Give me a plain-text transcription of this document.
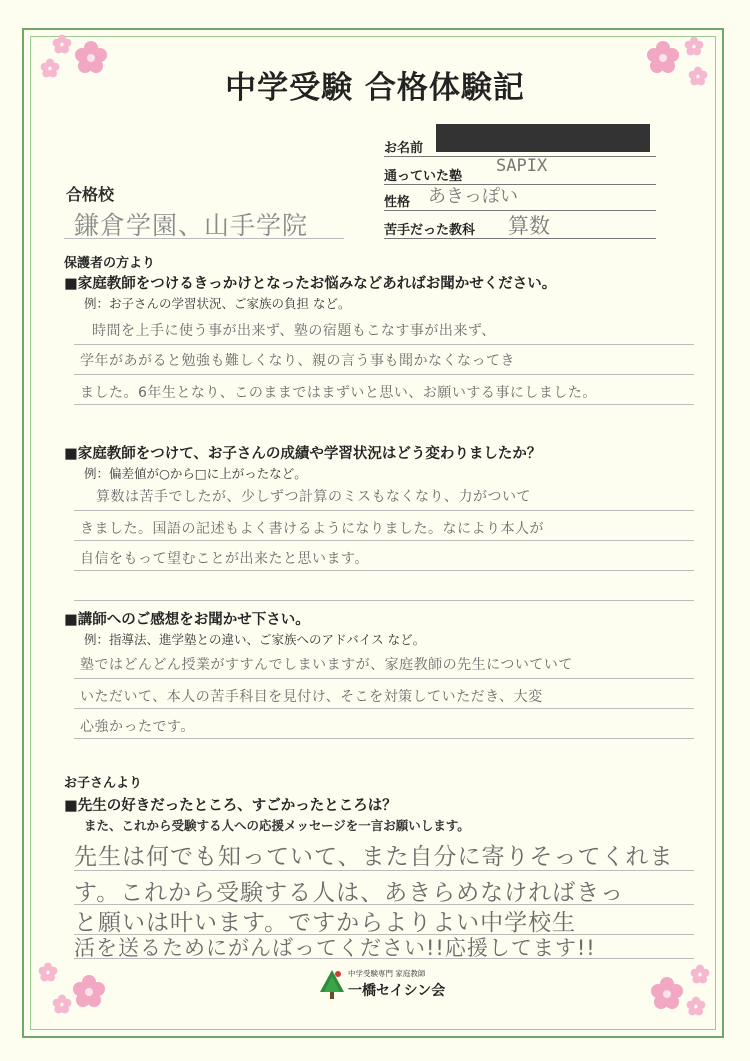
中学受験 合格体験記
お名前
通っていた塾
SAPIX
性格 あきっぽい
苦手だった教科 算数
合格校
鎌倉学園、山手学院
保護者の方より
■家庭教師をつけるきっかけとなったお悩みなどあればお聞かせください。
例：お子さんの学習状況、ご家族の負担 など。
時間を上手に使う事が出来ず、塾の宿題もこなす事が出来ず、
学年があがると勉強も難しくなり、親の言う事も聞かなくなってき
ました。6年生となり、このままではまずいと思い、お願いする事にしました。
■家庭教師をつけて、お子さんの成績や学習状況はどう変わりましたか？
例：偏差値が○から□に上がったなど。
算数は苦手でしたが、少しずつ計算のミスもなくなり、力がついて
きました。国語の記述もよく書けるようになりました。なにより本人が
自信をもって望むことが出来たと思います。
■講師へのご感想をお聞かせ下さい。
例：指導法、進学塾との違い、ご家族へのアドバイス など。
塾ではどんどん授業がすすんでしまいますが、家庭教師の先生についていて
いただいて、本人の苦手科目を見付け、そこを対策していただき、大変
心強かったです。
お子さんより
■先生の好きだったところ、すごかったところは？
また、これから受験する人への応援メッセージを一言お願いします。
先生は何でも知っていて、また自分に寄りそってくれま
す。これから受験する人は、あきらめなければきっ
と願いは叶います。ですからよりよい中学校生
活を送るためにがんばってください!!応援してます!!
中学受験専門 家庭教師
一橋セイシン会
